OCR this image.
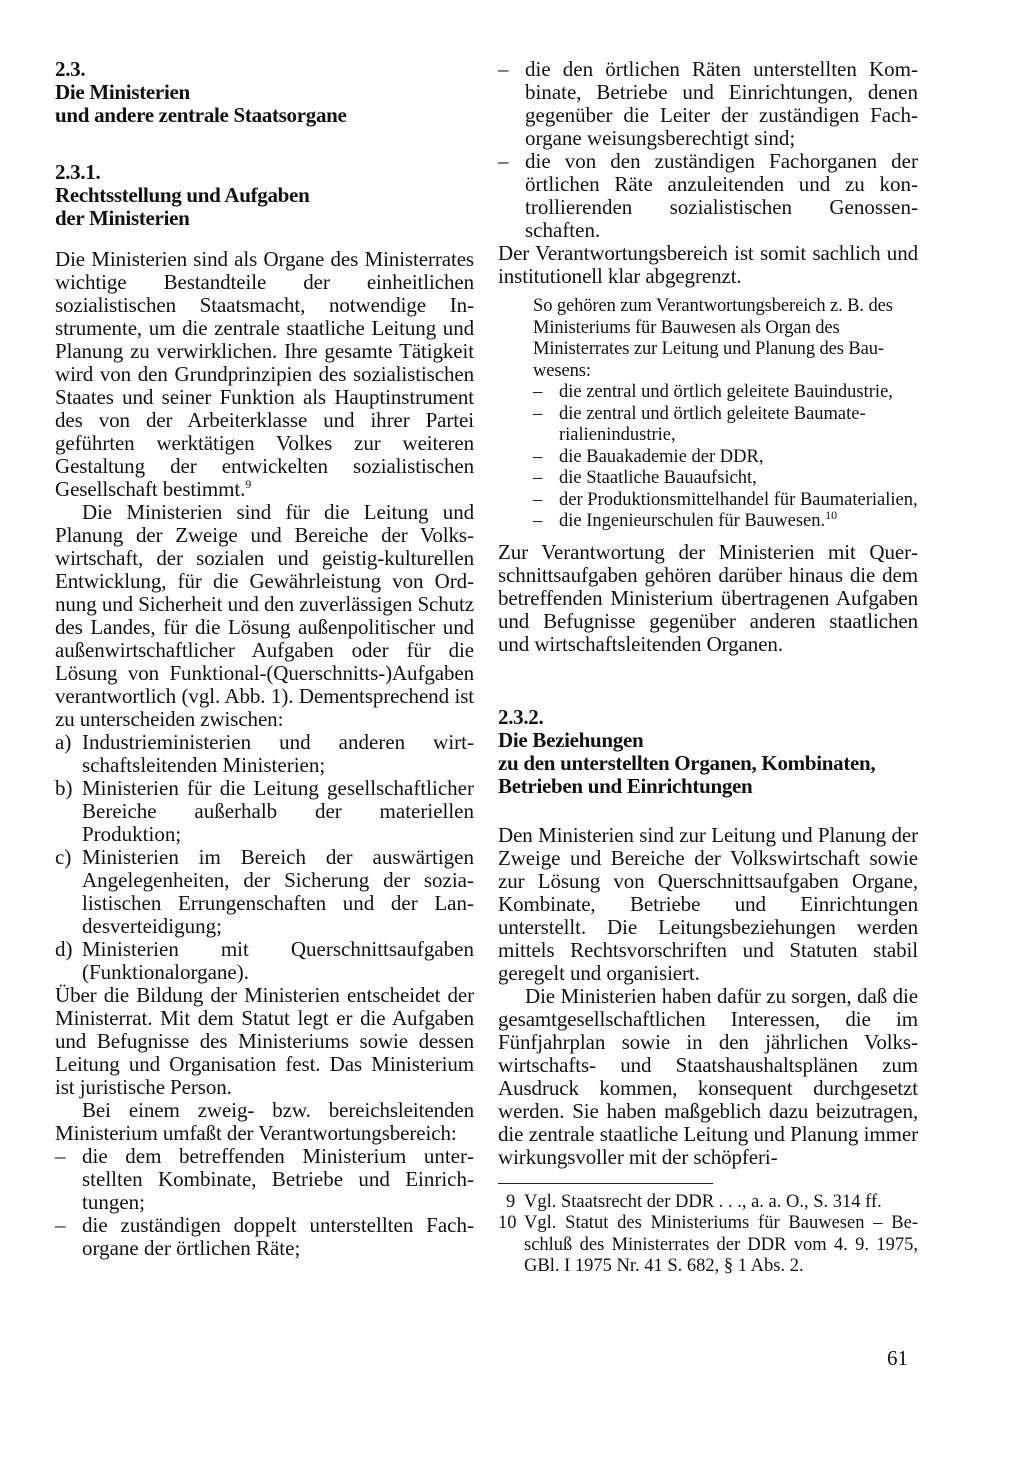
2.3.
Die Ministerien
und andere zentrale Staatsorgane
2.3.1.
Rechtsstellung und Aufgaben
der Ministerien

Die Ministerien sind als Organe des Ministerrates wichtige Bestandteile der einheitlichen sozialistischen Staatsmacht, notwendige Instrumente, um die zentrale staatliche Leitung und Planung zu verwirklichen. Ihre gesamte Tätigkeit wird von den Grundprinzipien des sozialistischen Staates und seiner Funktion als Hauptinstrument des von der Arbeiterklasse und ihrer Partei geführten werktätigen Volkes zur weiteren Gestaltung der entwickelten sozialistischen Gesellschaft bestimmt.$^9$

Die Ministerien sind für die Leitung und Planung der Zweige und Bereiche der Volkswirtschaft, der sozialen und geistig-kulturellen Entwicklung, für die Gewährleistung von Ordnung und Sicherheit und den zuverlässigen Schutz des Landes, für die Lösung außenpolitischer und außenwirtschaftlicher Aufgaben oder für die Lösung von Funktional-(Querschnitts-)Aufgaben verantwortlich (vgl. Abb. 1). Dementsprechend ist zu unterscheiden zwischen:

a) Industrieministerien und anderen wirtschaftsleitenden Ministerien;
b) Ministerien für die Leitung gesellschaftlicher Bereiche außerhalb der materiellen Produktion;
c) Ministerien im Bereich der auswärtigen Angelegenheiten, der Sicherung der sozialistischen Errungenschaften und der Landesverteidigung;
d) Ministerien mit Querschnittsaufgaben (Funktionalorgane).

Über die Bildung der Ministerien entscheidet der Ministerrat. Mit dem Statut legt er die Aufgaben und Befugnisse des Ministeriums sowie dessen Leitung und Organisation fest. Das Ministerium ist juristische Person.

Bei einem zweig- bzw. bereichsleitenden Ministerium umfaßt der Verantwortungsbereich:

– die dem betreffenden Ministerium unterstellten Kombinate, Betriebe und Einrichtungen;
– die zuständigen doppelt unterstellten Fachorgane der örtlichen Räte;
– die den örtlichen Räten unterstellten Kombinate, Betriebe und Einrichtungen, denen gegenüber die Leiter der zuständigen Fachorgane weisungsberechtigt sind;
– die von den zuständigen Fachorganen der örtlichen Räte anzuleitenden und zu kontrollierenden sozialistischen Genossenschaften.

Der Verantwortungsbereich ist somit sachlich und institutionell klar abgegrenzt.

So gehören zum Verantwortungsbereich z. B. des Ministeriums für Bauwesen als Organ des Ministerrates zur Leitung und Planung des Bauwesens:

– die zentral und örtlich geleitete Bauindustrie,
– die zentral und örtlich geleitete Baumaterialienindustrie,
– die Bauakademie der DDR,
– die Staatliche Bauaufsicht,
– der Produktionsmittelhandel für Baumaterialien,
– die Ingenieurschulen für Bauwesen.$^{10}$

Zur Verantwortung der Ministerien mit Querschnittsaufgaben gehören darüber hinaus die dem betreffenden Ministerium übertragenen Aufgaben und Befugnisse gegenüber anderen staatlichen und wirtschaftsleitenden Organen.

2.3.2.
Die Beziehungen
zu den unterstellten Organen, Kombinaten,
Betrieben und Einrichtungen

Den Ministerien sind zur Leitung und Planung der Zweige und Bereiche der Volkswirtschaft sowie zur Lösung von Querschnittsaufgaben Organe, Kombinate, Betriebe und Einrichtungen unterstellt. Die Leitungsbeziehungen werden mittels Rechtsvorschriften und Statuten stabil geregelt und organisiert.

Die Ministerien haben dafür zu sorgen, daß die gesamtgesellschaftlichen Interessen, die im Fünfjahrplan sowie in den jährlichen Volkswirtschafts- und Staatshaushaltsplänen zum Ausdruck kommen, konsequent durchgesetzt werden. Sie haben maßgeblich dazu beizutragen, die zentrale staatliche Leitung und Planung immer wirkungsvoller mit der schöpferi-

9 Vgl. Staatsrecht der DDR . . ., a. a. O., S. 314 ff.
10 Vgl. Statut des Ministeriums für Bauwesen – Beschluß des Ministerrates der DDR vom 4. 9. 1975, GBl. I 1975 Nr. 41 S. 682, § 1 Abs. 2.
61
